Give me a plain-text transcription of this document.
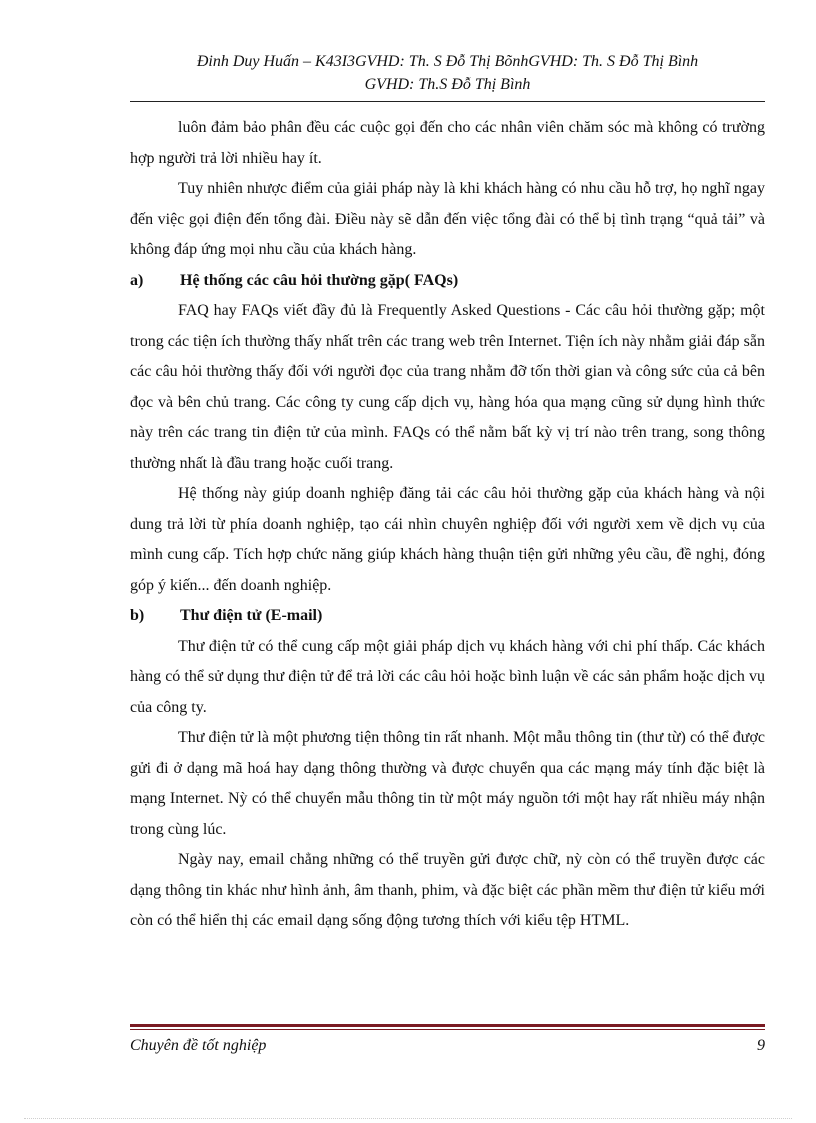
Đinh Duy Huấn – K43I3GVHD: Th. S Đỗ Thị BõnhGVHD: Th. S Đỗ Thị Bình
GVHD: Th.S Đỗ Thị Bình

luôn đảm bảo phân đều các cuộc gọi đến cho các nhân viên chăm sóc mà không có trường hợp người trả lời nhiều hay ít.

Tuy nhiên nhược điểm của giải pháp này là khi khách hàng có nhu cầu hỗ trợ, họ nghĩ ngay đến việc gọi điện đến tổng đài. Điều này sẽ dẫn đến việc tổng đài có thể bị tình trạng “quả tải” và không đáp ứng mọi nhu cầu của khách hàng.

a)	Hệ thống các câu hỏi thường gặp( FAQs)

FAQ hay FAQs viết đầy đủ là Frequently Asked Questions - Các câu hỏi thường gặp; một trong các tiện ích thường thấy nhất trên các trang web trên Internet. Tiện ích này nhằm giải đáp sẵn các câu hỏi thường thấy đối với người đọc của trang nhằm đỡ tốn thời gian và công sức của cả bên đọc và bên chủ trang. Các công ty cung cấp dịch vụ, hàng hóa qua mạng cũng sử dụng hình thức này trên các trang tin điện tử của mình. FAQs có thể nằm bất kỳ vị trí nào trên trang, song thông thường nhất là đầu trang hoặc cuối trang.

Hệ thống này giúp doanh nghiệp đăng tải các câu hỏi thường gặp của khách hàng và nội dung trả lời từ phía doanh nghiệp, tạo cái nhìn chuyên nghiệp đối với người xem về dịch vụ của mình cung cấp. Tích hợp chức năng giúp khách hàng thuận tiện gửi những yêu cầu, đề nghị, đóng góp ý kiến... đến doanh nghiệp.

b)	Thư điện tử (E-mail)

Thư điện tử có thể cung cấp một giải pháp dịch vụ khách hàng với chi phí thấp. Các khách hàng có thể sử dụng thư điện tử để trả lời các câu hỏi hoặc bình luận về các sản phẩm hoặc dịch vụ của công ty.

Thư điện tử là một phương tiện thông tin rất nhanh. Một mẫu thông tin (thư từ) có thể được gửi đi ở dạng mã hoá hay dạng thông thường và được chuyển qua các mạng máy tính đặc biệt là mạng Internet. Nỳ có thể chuyển mẫu thông tin từ một máy nguồn tới một hay rất nhiều máy nhận trong cùng lúc.

Ngày nay, email chẳng những có thể truyền gửi được chữ, nỳ còn có thể truyền được các dạng thông tin khác như hình ảnh, âm thanh, phim, và đặc biệt các phần mềm thư điện tử kiểu mới còn có thể hiển thị các email dạng sống động tương thích với kiểu tệp HTML.

Chuyên đề tốt nghiệp	9
